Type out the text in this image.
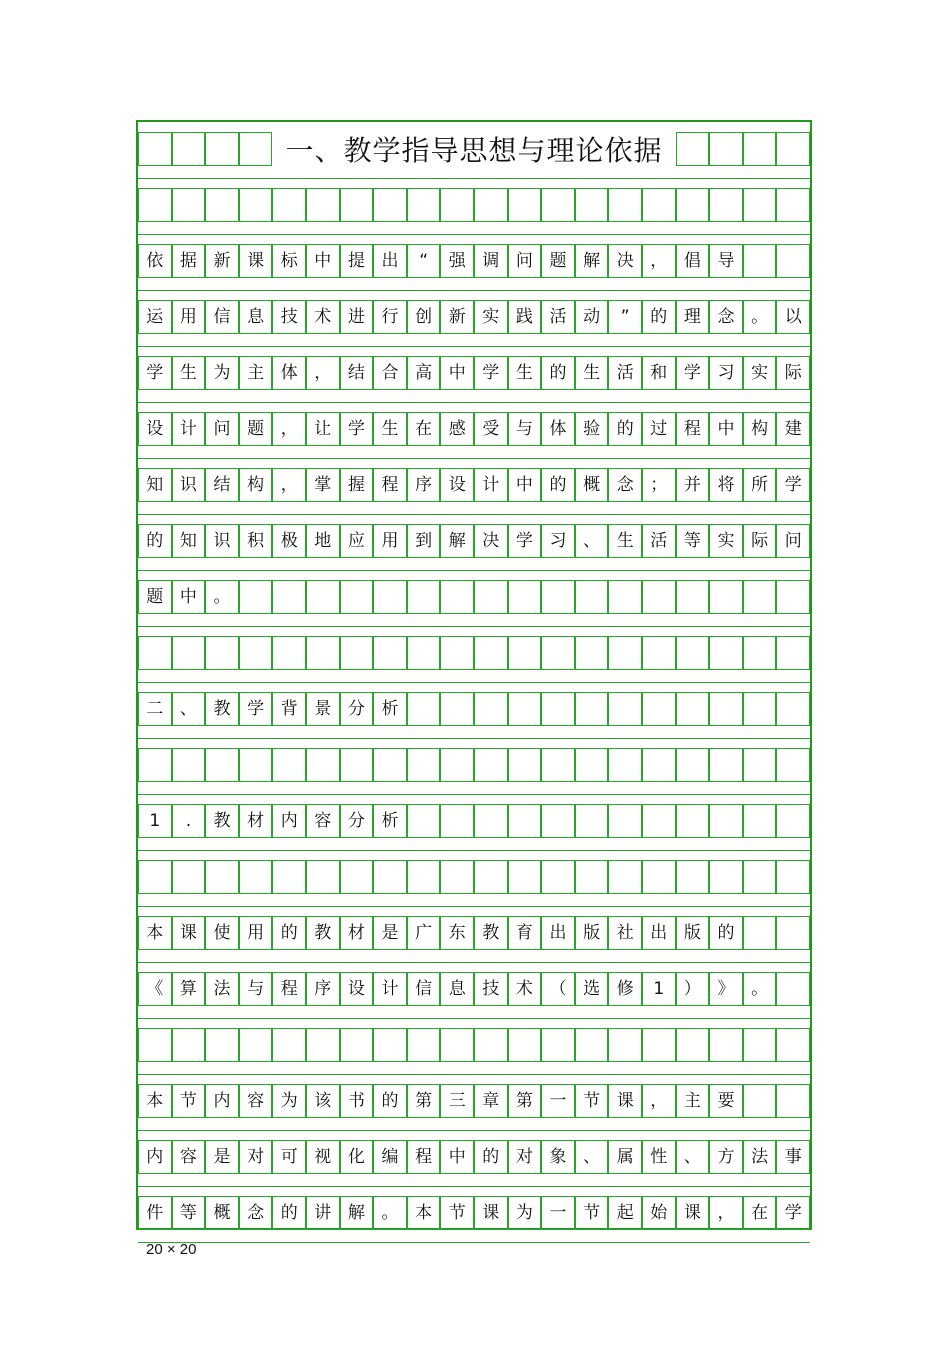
一、教学指导思想与理论依据
依 据 新 课 标 中 提 出	“	强 调 问 题 解 决 ， 倡 导
运 用 信 息 技 术 进 行 创 新 实 践 活 动	”	的 理 念 。 以
学 生 为 主 体 ， 结 合 高 中 学 生 的 生 活 和 学 习 实 际
设 计 问 题 ， 让 学 生 在 感 受 与 体 验 的 过 程 中 构 建
知 识 结 构 ， 掌 握 程 序 设 计 中 的 概 念 ； 并 将 所 学
的 知 识 积 极 地 应 用 到 解 决 学 习 、 生 活 等 实 际 问
题 中 。
二 、 教 学 背 景 分 析
1	.	教 材 内 容 分 析
本 课 使 用 的 教 材 是 广 东 教 育 出 版 社 出 版 的
《 算 法 与 程 序 设 计 信 息 技 术 （ 选 修	1	） 》 。
本 节 内 容 为 该 书 的 第 三 章 第 一 节 课 ， 主 要
内 容 是 对 可 视 化 编 程 中 的 对 象 、 属 性 、 方 法 事
件 等 概 念 的 讲 解 。 本 节 课 为 一 节 起 始 课 ， 在 学
20 × 20
